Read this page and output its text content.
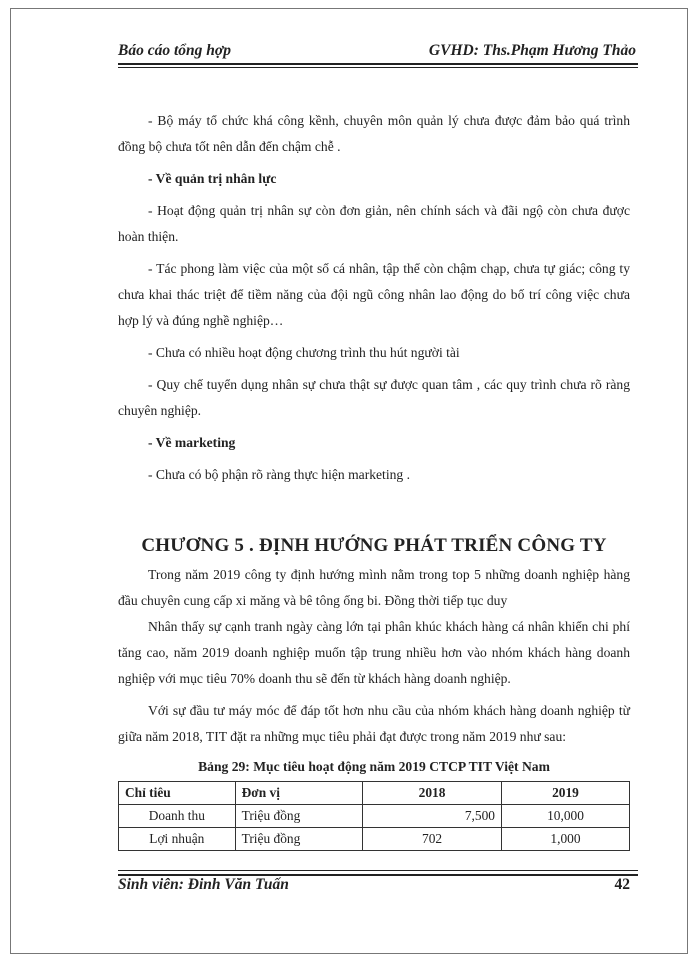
Báo cáo tổng hợp	GVHD: Ths.Phạm Hương Thảo

- Bộ máy tổ chức khá công kềnh, chuyên môn quản lý chưa được đảm bảo quá trình đồng bộ chưa tốt nên dẫn đến chậm chễ .

- Về quản trị nhân lực

- Hoạt động quản trị nhân sự còn đơn giản, nên chính sách và đãi ngộ còn chưa được hoàn thiện.

- Tác phong làm việc của một số cá nhân, tập thể còn chậm chạp, chưa tự giác; công ty chưa khai thác triệt để tiềm năng của đội ngũ công nhân lao động do bố trí công việc chưa hợp lý và đúng nghề nghiệp…

- Chưa có nhiều hoạt động chương trình thu hút người tài

- Quy chế tuyển dụng nhân sự chưa thật sự được quan tâm , các quy trình chưa rõ ràng chuyên nghiệp.

- Về marketing

- Chưa có bộ phận rõ ràng thực hiện marketing .

CHƯƠNG 5 . ĐỊNH HƯỚNG PHÁT TRIỂN CÔNG TY

Trong năm 2019 công ty định hướng mình nằm trong top 5 những doanh nghiệp hàng đầu chuyên cung cấp xi măng và bê tông ống bi. Đồng thời tiếp tục duy

Nhân thấy sự cạnh tranh ngày càng lớn tại phân khúc khách hàng cá nhân khiến chi phí tăng cao, năm 2019 doanh nghiệp muốn tập trung nhiều hơn vào nhóm khách hàng doanh nghiệp với mục tiêu 70% doanh thu sẽ đến từ khách hàng doanh nghiệp.

Với sự đầu tư máy móc để đáp tốt hơn nhu cầu của nhóm khách hàng doanh nghiệp từ giữa năm 2018, TIT đặt ra những mục tiêu phải đạt được trong năm 2019 như sau:

Bảng 29: Mục tiêu hoạt động năm 2019 CTCP TIT Việt Nam
Chỉ tiêu	Đơn vị	2018	2019
Doanh thu	Triệu đồng	7,500	10,000
Lợi nhuận	Triệu đồng	702	1,000
Sinh viên: Đinh Văn Tuấn	42
